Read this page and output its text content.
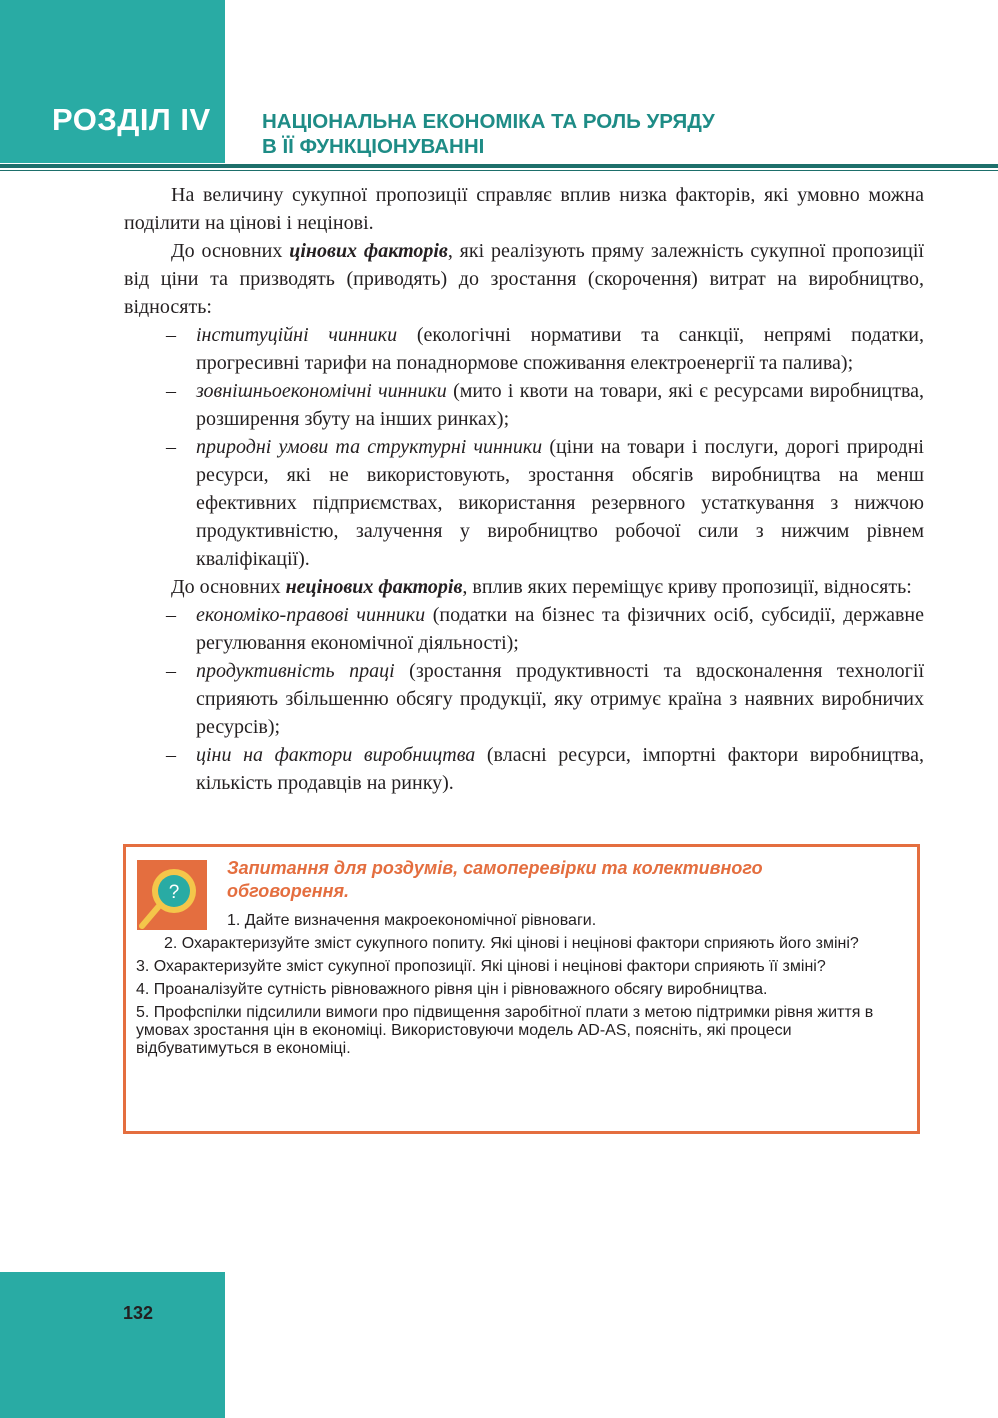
РОЗДІЛ IV	НАЦІОНАЛЬНА ЕКОНОМІКА ТА РОЛЬ УРЯДУ
В ЇЇ ФУНКЦІОНУВАННІ

На величину сукупної пропозиції справляє вплив низка факторів, які умовно можна поділити на цінові і нецінові.

До основних цінових факторів, які реалізують пряму залежність сукупної пропозиції від ціни та призводять (приводять) до зростання (скорочення) витрат на виробництво, відносять:

– інституційні чинники (екологічні нормативи та санкції, непрямі податки, прогресивні тарифи на понаднормове споживання електроенергії та палива);
– зовнішньоекономічні чинники (мито і квоти на товари, які є ресурсами виробництва, розширення збуту на інших ринках);
– природні умови та структурні чинники (ціни на товари і послуги, дорогі природні ресурси, які не використовують, зростання обсягів виробництва на менш ефективних підприємствах, використання резервного устаткування з нижчою продуктивністю, залучення у виробництво робочої сили з нижчим рівнем кваліфікації).

До основних нецінових факторів, вплив яких переміщує криву пропозиції, відносять:

– економіко-правові чинники (податки на бізнес та фізичних осіб, субсидії, державне регулювання економічної діяльності);
– продуктивність праці (зростання продуктивності та вдосконалення технології сприяють збільшенню обсягу продукції, яку отримує країна з наявних виробничих ресурсів);
– ціни на фактори виробництва (власні ресурси, імпортні фактори виробництва, кількість продавців на ринку).
?
Запитання для роздумів, самоперевірки та колективного обговорення.
1. Дайте визначення макроекономічної рівноваги.
2. Охарактеризуйте зміст сукупного попиту. Які цінові і нецінові фактори сприяють його зміні?
3. Охарактеризуйте зміст сукупної пропозиції. Які цінові і нецінові фактори сприяють її зміні?
4. Проаналізуйте сутність рівноважного рівня цін і рівноважного обсягу виробництва.
5. Профспілки підсилили вимоги про підвищення заробітної плати з метою підтримки рівня життя в умовах зростання цін в економіці. Використовуючи модель AD-AS, поясніть, які процеси відбуватимуться в економіці.
132
